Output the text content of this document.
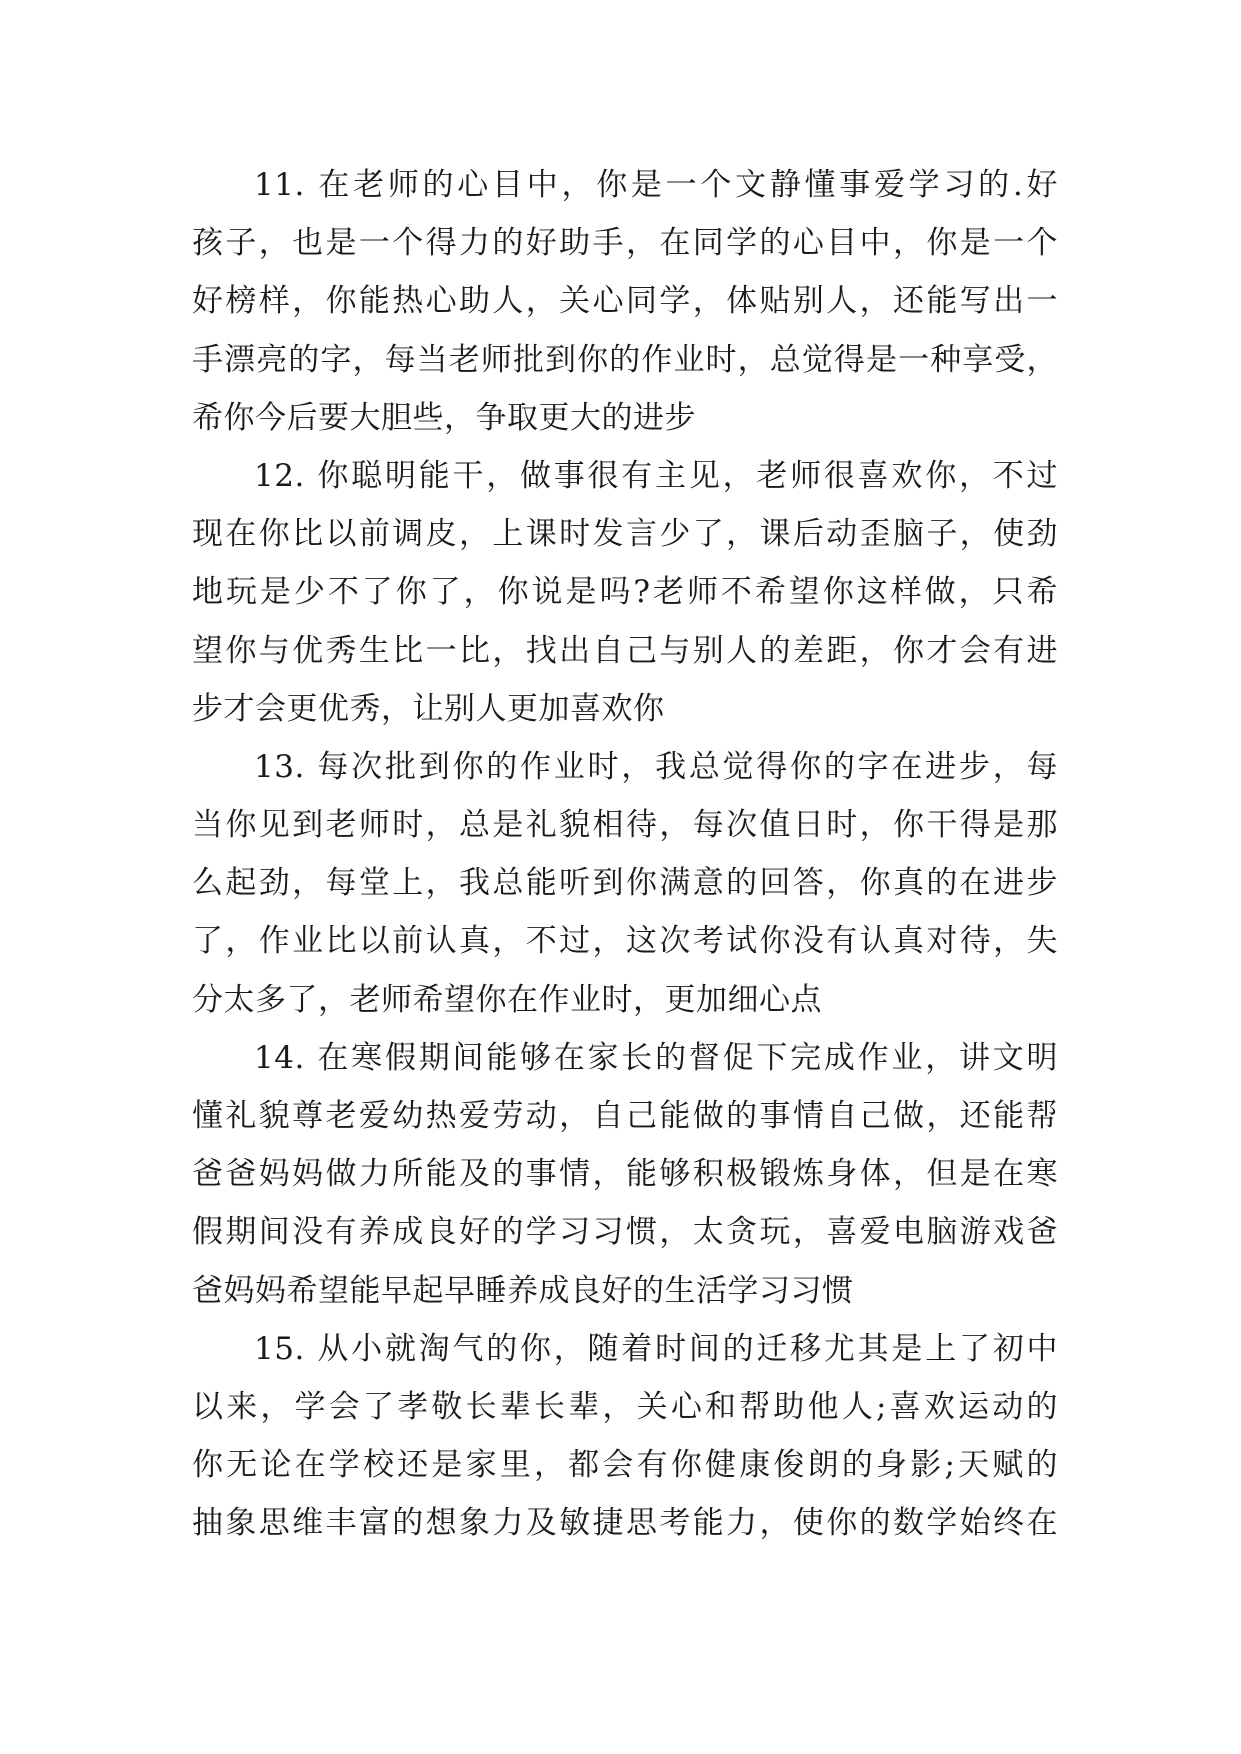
11. 在老师的心目中，你是一个文静懂事爱学习的.好
孩子，也是一个得力的好助手，在同学的心目中，你是一个
好榜样，你能热心助人，关心同学，体贴别人，还能写出一
手漂亮的字，每当老师批到你的作业时，总觉得是一种享受，
希你今后要大胆些，争取更大的进步
12. 你聪明能干，做事很有主见，老师很喜欢你，不过
现在你比以前调皮，上课时发言少了，课后动歪脑子，使劲
地玩是少不了你了，你说是吗?老师不希望你这样做，只希
望你与优秀生比一比，找出自己与别人的差距，你才会有进
步才会更优秀，让别人更加喜欢你
13. 每次批到你的作业时，我总觉得你的字在进步，每
当你见到老师时，总是礼貌相待，每次值日时，你干得是那
么起劲，每堂上，我总能听到你满意的回答，你真的在进步
了，作业比以前认真，不过，这次考试你没有认真对待，失
分太多了，老师希望你在作业时，更加细心点
14. 在寒假期间能够在家长的督促下完成作业，讲文明
懂礼貌尊老爱幼热爱劳动，自己能做的事情自己做，还能帮
爸爸妈妈做力所能及的事情，能够积极锻炼身体，但是在寒
假期间没有养成良好的学习习惯，太贪玩，喜爱电脑游戏爸
爸妈妈希望能早起早睡养成良好的生活学习习惯
15. 从小就淘气的你，随着时间的迁移尤其是上了初中
以来，学会了孝敬长辈长辈，关心和帮助他人;喜欢运动的
你无论在学校还是家里，都会有你健康俊朗的身影;天赋的
抽象思维丰富的想象力及敏捷思考能力，使你的数学始终在
